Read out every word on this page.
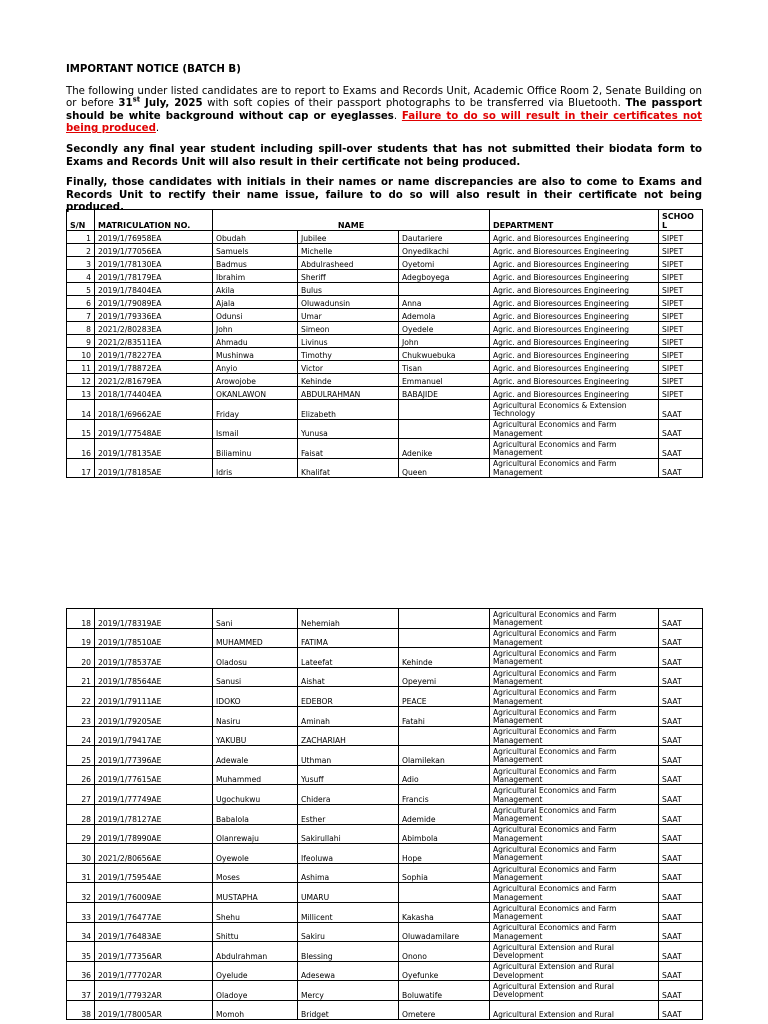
IMPORTANT NOTICE (BATCH B)

The following under listed candidates are to report to Exams and Records Unit, Academic Office Room 2, Senate Building on or before 31st July, 2025 with soft copies of their passport photographs to be transferred via Bluetooth. The passport should be white background without cap or eyeglasses. Failure to do so will result in their certificates not being produced.

Secondly any final year student including spill-over students that has not submitted their biodata form to Exams and Records Unit will also result in their certificate not being produced.

Finally, those candidates with initials in their names or name discrepancies are also to come to Exams and Records Unit to rectify their name issue, failure to do so will also result in their certificate not being produced.

S/N	MATRICULATION NO.	NAME			DEPARTMENT	SCHOO L
1	2019/1/76958EA	Obudah	Jubilee	Dautariere	Agric. and Bioresources Engineering	SIPET
2	2019/1/77056EA	Samuels	Michelle	Onyedikachi	Agric. and Bioresources Engineering	SIPET
3	2019/1/78130EA	Badmus	Abdulrasheed	Oyetomi	Agric. and Bioresources Engineering	SIPET
4	2019/1/78179EA	Ibrahim	Sheriff	Adegboyega	Agric. and Bioresources Engineering	SIPET
5	2019/1/78404EA	Akila	Bulus		Agric. and Bioresources Engineering	SIPET
6	2019/1/79089EA	Ajala	Oluwadunsin	Anna	Agric. and Bioresources Engineering	SIPET
7	2019/1/79336EA	Odunsi	Umar	Ademola	Agric. and Bioresources Engineering	SIPET
8	2021/2/80283EA	John	Simeon	Oyedele	Agric. and Bioresources Engineering	SIPET
9	2021/2/83511EA	Ahmadu	Livinus	John	Agric. and Bioresources Engineering	SIPET
10	2019/1/78227EA	Mushinwa	Timothy	Chukwuebuka	Agric. and Bioresources Engineering	SIPET
11	2019/1/78872EA	Anyio	Victor	Tisan	Agric. and Bioresources Engineering	SIPET
12	2021/2/81679EA	Arowojobe	Kehinde	Emmanuel	Agric. and Bioresources Engineering	SIPET
13	2018/1/74404EA	OKANLAWON	ABDULRAHMAN	BABAJIDE	Agric. and Bioresources Engineering	SIPET
14	2018/1/69662AE	Friday	Elizabeth		Agricultural Economics & Extension Technology	SAAT
15	2019/1/77548AE	Ismail	Yunusa		Agricultural Economics and Farm Management	SAAT
16	2019/1/78135AE	Biliaminu	Faisat	Adenike	Agricultural Economics and Farm Management	SAAT
17	2019/1/78185AE	Idris	Khalifat	Queen	Agricultural Economics and Farm Management	SAAT
18	2019/1/78319AE	Sani	Nehemiah		Agricultural Economics and Farm Management	SAAT
19	2019/1/78510AE	MUHAMMED	FATIMA		Agricultural Economics and Farm Management	SAAT
20	2019/1/78537AE	Oladosu	Lateefat	Kehinde	Agricultural Economics and Farm Management	SAAT
21	2019/1/78564AE	Sanusi	Aishat	Opeyemi	Agricultural Economics and Farm Management	SAAT
22	2019/1/79111AE	IDOKO	EDEBOR	PEACE	Agricultural Economics and Farm Management	SAAT
23	2019/1/79205AE	Nasiru	Aminah	Fatahi	Agricultural Economics and Farm Management	SAAT
24	2019/1/79417AE	YAKUBU	ZACHARIAH		Agricultural Economics and Farm Management	SAAT
25	2019/1/77396AE	Adewale	Uthman	Olamilekan	Agricultural Economics and Farm Management	SAAT
26	2019/1/77615AE	Muhammed	Yusuff	Adio	Agricultural Economics and Farm Management	SAAT
27	2019/1/77749AE	Ugochukwu	Chidera	Francis	Agricultural Economics and Farm Management	SAAT
28	2019/1/78127AE	Babalola	Esther	Ademide	Agricultural Economics and Farm Management	SAAT
29	2019/1/78990AE	Olanrewaju	Sakirullahi	Abimbola	Agricultural Economics and Farm Management	SAAT
30	2021/2/80656AE	Oyewole	Ifeoluwa	Hope	Agricultural Economics and Farm Management	SAAT
31	2019/1/75954AE	Moses	Ashima	Sophia	Agricultural Economics and Farm Management	SAAT
32	2019/1/76009AE	MUSTAPHA	UMARU		Agricultural Economics and Farm Management	SAAT
33	2019/1/76477AE	Shehu	Millicent	Kakasha	Agricultural Economics and Farm Management	SAAT
34	2019/1/76483AE	Shittu	Sakiru	Oluwadamilare	Agricultural Economics and Farm Management	SAAT
35	2019/1/77356AR	Abdulrahman	Blessing	Onono	Agricultural Extension and Rural Development	SAAT
36	2019/1/77702AR	Oyelude	Adesewa	Oyefunke	Agricultural Extension and Rural Development	SAAT
37	2019/1/77932AR	Oladoye	Mercy	Boluwatife	Agricultural Extension and Rural Development	SAAT
38	2019/1/78005AR	Momoh	Bridget	Ometere	Agricultural Extension and Rural	SAAT
